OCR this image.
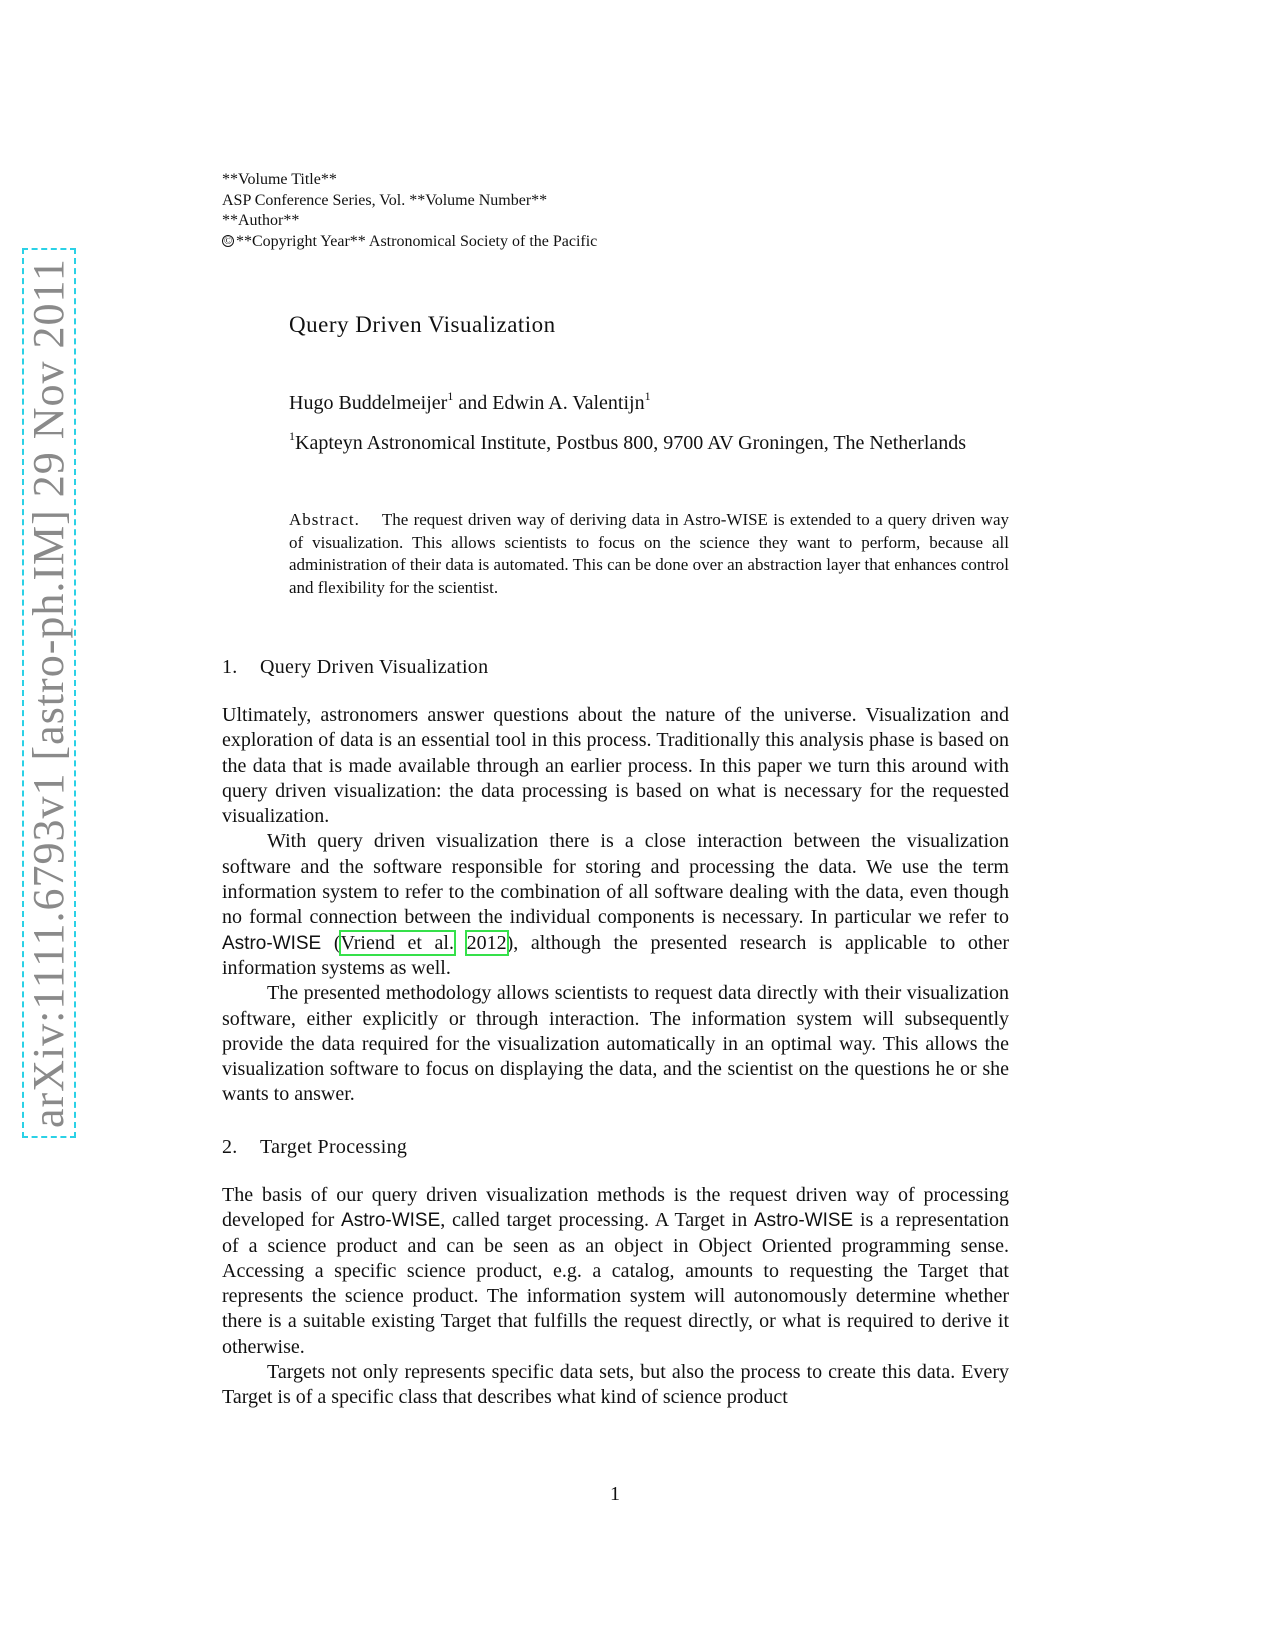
**Volume Title**
ASP Conference Series, Vol. **Volume Number**
**Author**
© **Copyright Year** Astronomical Society of the Pacific
arXiv:1111.6793v1 [astro-ph.IM] 29 Nov 2011	Query Driven Visualization
Hugo Buddelmeijer$^1$ and Edwin A. Valentijn$^1$
$^1$Kapteyn Astronomical Institute, Postbus 800, 9700 AV Groningen, The Netherlands
Abstract. The request driven way of deriving data in Astro-WISE is extended to a query driven way of visualization. This allows scientists to focus on the science they want to perform, because all administration of their data is automated. This can be done over an abstraction layer that enhances control and flexibility for the scientist.
1. Query Driven Visualization

Ultimately, astronomers answer questions about the nature of the universe. Visualization and exploration of data is an essential tool in this process. Traditionally this analysis phase is based on the data that is made available through an earlier process. In this paper we turn this around with query driven visualization: the data processing is based on what is necessary for the requested visualization.

With query driven visualization there is a close interaction between the visualization software and the software responsible for storing and processing the data. We use the term information system to refer to the combination of all software dealing with the data, even though no formal connection between the individual components is necessary. In particular we refer to Astro-WISE (Vriend et al. 2012), although the presented research is applicable to other information systems as well.

The presented methodology allows scientists to request data directly with their visualization software, either explicitly or through interaction. The information system will subsequently provide the data required for the visualization automatically in an optimal way. This allows the visualization software to focus on displaying the data, and the scientist on the questions he or she wants to answer.

2. Target Processing

The basis of our query driven visualization methods is the request driven way of processing developed for Astro-WISE, called target processing. A Target in Astro-WISE is a representation of a science product and can be seen as an object in Object Oriented programming sense. Accessing a specific science product, e.g. a catalog, amounts to requesting the Target that represents the science product. The information system will autonomously determine whether there is a suitable existing Target that fulfills the request directly, or what is required to derive it otherwise.

Targets not only represents specific data sets, but also the process to create this data. Every Target is of a specific class that describes what kind of science product

1
